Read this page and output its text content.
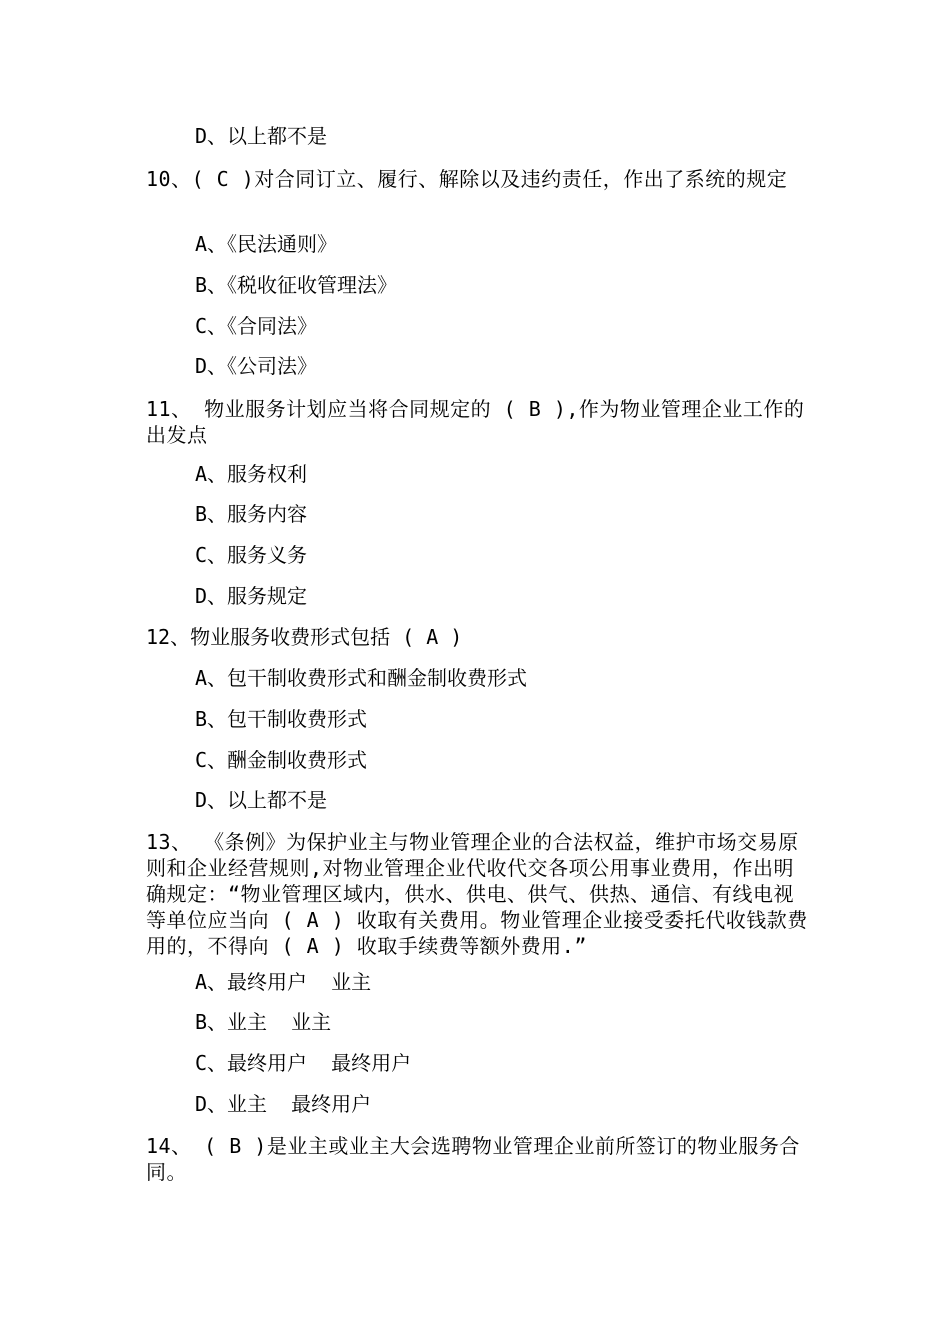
D、以上都不是
10、( C )对合同订立、履行、解除以及违约责任，作出了系统的规定
A、《民法通则》
B、《税收征收管理法》
C、《合同法》
D、《公司法》
11、 物业服务计划应当将合同规定的 ( B ),作为物业管理企业工作的出发点
A、服务权利
B、服务内容
C、服务义务
D、服务规定
12、物业服务收费形式包括 ( A )
A、包干制收费形式和酬金制收费形式
B、包干制收费形式
C、酬金制收费形式
D、以上都不是
13、 《条例》为保护业主与物业管理企业的合法权益，维护市场交易原则和企业经营规则,对物业管理企业代收代交各项公用事业费用，作出明确规定：“物业管理区域内，供水、供电、供气、供热、通信、有线电视等单位应当向 ( A ) 收取有关费用。物业管理企业接受委托代收钱款费用的，不得向 ( A ) 收取手续费等额外费用.”
A、最终用户  业主
B、业主  业主
C、最终用户  最终用户
D、业主  最终用户
14、 ( B )是业主或业主大会选聘物业管理企业前所签订的物业服务合同。
